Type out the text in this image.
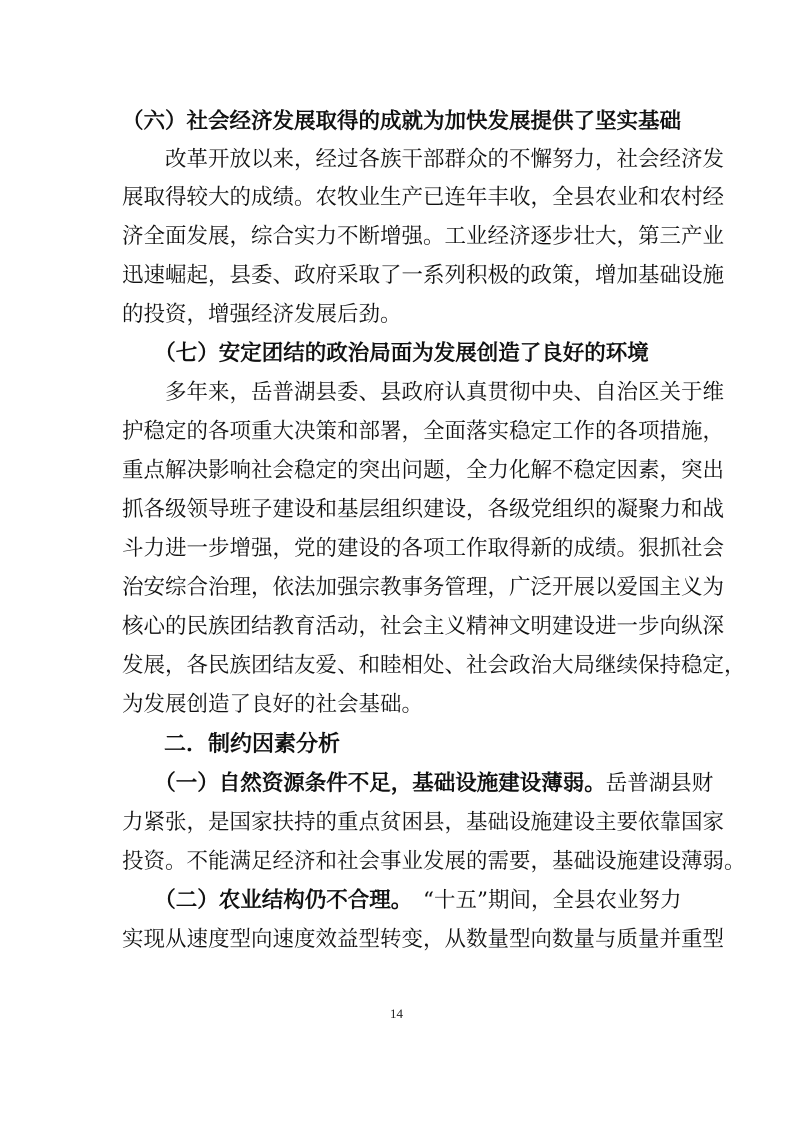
（六）社会经济发展取得的成就为加快发展提供了坚实基础
　　改革开放以来，经过各族干部群众的不懈努力，社会经济发
展取得较大的成绩。农牧业生产已连年丰收，全县农业和农村经
济全面发展，综合实力不断增强。工业经济逐步壮大，第三产业
迅速崛起，县委、政府采取了一系列积极的政策，增加基础设施
的投资，增强经济发展后劲。
　　（七）安定团结的政治局面为发展创造了良好的环境
　　多年来，岳普湖县委、县政府认真贯彻中央、自治区关于维
护稳定的各项重大决策和部署，全面落实稳定工作的各项措施，
重点解决影响社会稳定的突出问题，全力化解不稳定因素，突出
抓各级领导班子建设和基层组织建设，各级党组织的凝聚力和战
斗力进一步增强，党的建设的各项工作取得新的成绩。狠抓社会
治安综合治理，依法加强宗教事务管理，广泛开展以爱国主义为
核心的民族团结教育活动，社会主义精神文明建设进一步向纵深
发展，各民族团结友爱、和睦相处、社会政治大局继续保持稳定，
为发展创造了良好的社会基础。
二．制约因素分析
　　（一）自然资源条件不足，基础设施建设薄弱。岳普湖县财
力紧张，是国家扶持的重点贫困县，基础设施建设主要依靠国家
投资。不能满足经济和社会事业发展的需要，基础设施建设薄弱。
　　（二）农业结构仍不合理。　“十五”期间，全县农业努力
实现从速度型向速度效益型转变，从数量型向数量与质量并重型
14
